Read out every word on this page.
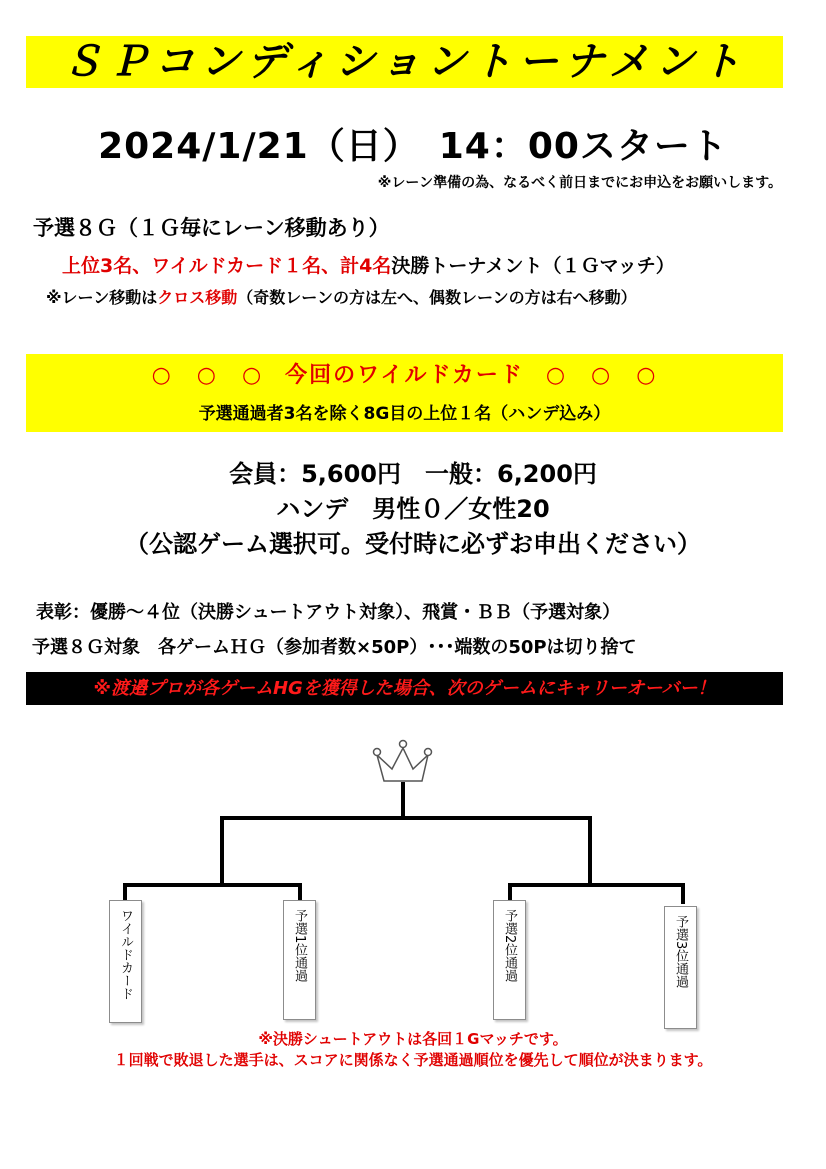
ＳＰコンディショントーナメント
2024/1/21（日）　14：00スタート
※レーン準備の為、なるべく前日までにお申込をお願いします。
予選８Ｇ（１Ｇ毎にレーン移動あり）
上位3名、ワイルドカード１名、計4名決勝トーナメント（１Ｇマッチ）
※レーン移動はクロス移動（奇数レーンの方は左へ、偶数レーンの方は右へ移動）
○　○　○ 今回のワイルドカード ○　○　○
予選通過者3名を除く8G目の上位１名（ハンデ込み）
会員：5,600円　一般：6,200円
ハンデ　男性０／女性20
（公認ゲーム選択可。受付時に必ずお申出ください）
表彰：優勝～４位（決勝シュートアウト対象）、飛賞・ＢＢ（予選対象）
予選８Ｇ対象　各ゲームＨＧ（参加者数×50P）･･･端数の50Pは切り捨て
※渡邉プロが各ゲームHGを獲得した場合、次のゲームにキャリーオーバー！
ワイルドカード	予選1位通過	予選2位通過	予選3位通過
※決勝シュートアウトは各回１Gマッチです。
１回戦で敗退した選手は、スコアに関係なく予選通過順位を優先して順位が決まります。
